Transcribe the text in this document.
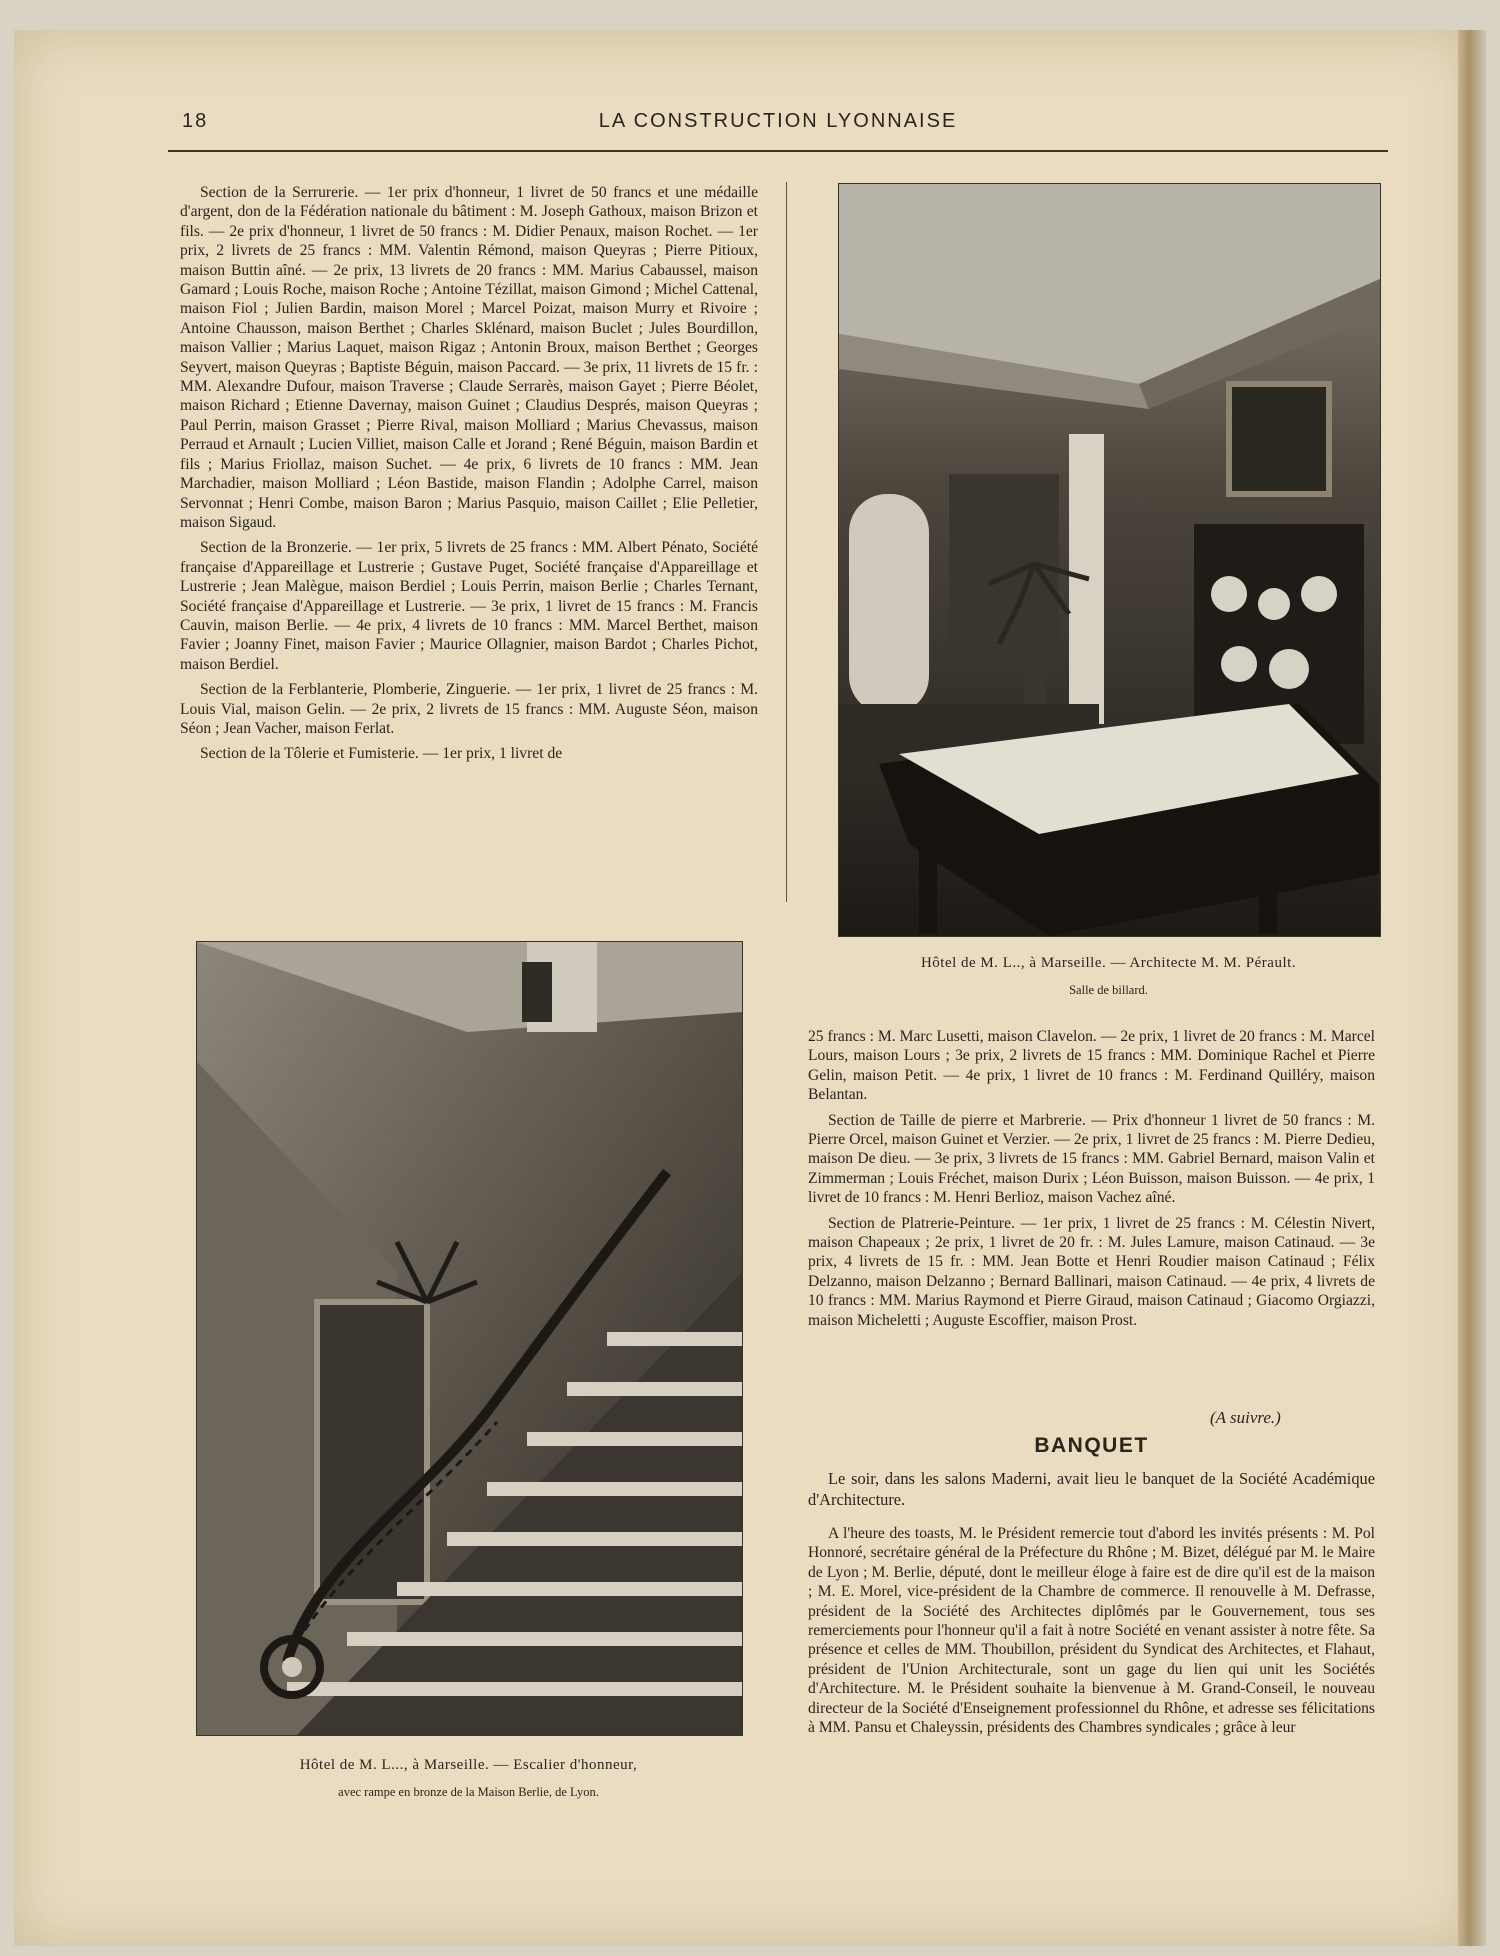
18	LA CONSTRUCTION LYONNAISE

Section de la Serrurerie. — 1er prix d'honneur, 1 livret de 50 francs et une médaille d'argent, don de la Fédération nationale du bâtiment : M. Joseph Gathoux, maison Brizon et fils. — 2e prix d'honneur, 1 livret de 50 francs : M. Didier Penaux, maison Rochet. — 1er prix, 2 livrets de 25 francs : MM. Valentin Rémond, maison Queyras ; Pierre Pitioux, maison Buttin aîné. — 2e prix, 13 livrets de 20 francs : MM. Marius Cabaussel, maison Gamard ; Louis Roche, maison Roche ; Antoine Tézillat, maison Gimond ; Michel Cattenal, maison Fiol ; Julien Bardin, maison Morel ; Marcel Poizat, maison Murry et Rivoire ; Antoine Chausson, maison Berthet ; Charles Sklénard, maison Buclet ; Jules Bourdillon, maison Vallier ; Marius Laquet, maison Rigaz ; Antonin Broux, maison Berthet ; Georges Seyvert, maison Queyras ; Baptiste Béguin, maison Paccard. — 3e prix, 11 livrets de 15 fr. : MM. Alexandre Dufour, maison Traverse ; Claude Serrarès, maison Gayet ; Pierre Béolet, maison Richard ; Etienne Davernay, maison Guinet ; Claudius Després, maison Queyras ; Paul Perrin, maison Grasset ; Pierre Rival, maison Molliard ; Marius Chevassus, maison Perraud et Arnault ; Lucien Villiet, maison Calle et Jorand ; René Béguin, maison Bardin et fils ; Marius Friollaz, maison Suchet. — 4e prix, 6 livrets de 10 francs : MM. Jean Marchadier, maison Molliard ; Léon Bastide, maison Flandin ; Adolphe Carrel, maison Servonnat ; Henri Combe, maison Baron ; Marius Pasquio, maison Caillet ; Elie Pelletier, maison Sigaud.

Section de la Bronzerie. — 1er prix, 5 livrets de 25 francs : MM. Albert Pénato, Société française d'Appareillage et Lustrerie ; Gustave Puget, Société française d'Appareillage et Lustrerie ; Jean Malègue, maison Berdiel ; Louis Perrin, maison Berlie ; Charles Ternant, Société française d'Appareillage et Lustrerie. — 3e prix, 1 livret de 15 francs : M. Francis Cauvin, maison Berlie. — 4e prix, 4 livrets de 10 francs : MM. Marcel Berthet, maison Favier ; Joanny Finet, maison Favier ; Maurice Ollagnier, maison Bardot ; Charles Pichot, maison Berdiel.

Section de la Ferblanterie, Plomberie, Zinguerie. — 1er prix, 1 livret de 25 francs : M. Louis Vial, maison Gelin. — 2e prix, 2 livrets de 15 francs : MM. Auguste Séon, maison Séon ; Jean Vacher, maison Ferlat.

Section de la Tôlerie et Fumisterie. — 1er prix, 1 livret de

Hôtel de M. L.., à Marseille. — Architecte M. M. Pérault.
Salle de billard.
Hôtel de M. L..., à Marseille. — Escalier d'honneur,
avec rampe en bronze de la Maison Berlie, de Lyon.

25 francs : M. Marc Lusetti, maison Clavelon. — 2e prix, 1 livret de 20 francs : M. Marcel Lours, maison Lours ; 3e prix, 2 livrets de 15 francs : MM. Dominique Rachel et Pierre Gelin, maison Petit. — 4e prix, 1 livret de 10 francs : M. Ferdinand Quilléry, maison Belantan.

Section de Taille de pierre et Marbrerie. — Prix d'honneur 1 livret de 50 francs : M. Pierre Orcel, maison Guinet et Verzier. — 2e prix, 1 livret de 25 francs : M. Pierre Dedieu, maison De dieu. — 3e prix, 3 livrets de 15 francs : MM. Gabriel Bernard, maison Valin et Zimmerman ; Louis Fréchet, maison Durix ; Léon Buisson, maison Buisson. — 4e prix, 1 livret de 10 francs : M. Henri Berlioz, maison Vachez aîné.

Section de Platrerie-Peinture. — 1er prix, 1 livret de 25 francs : M. Célestin Nivert, maison Chapeaux ; 2e prix, 1 livret de 20 fr. : M. Jules Lamure, maison Catinaud. — 3e prix, 4 livrets de 15 fr. : MM. Jean Botte et Henri Roudier maison Catinaud ; Félix Delzanno, maison Delzanno ; Bernard Ballinari, maison Catinaud. — 4e prix, 4 livrets de 10 francs : MM. Marius Raymond et Pierre Giraud, maison Catinaud ; Giacomo Orgiazzi, maison Micheletti ; Auguste Escoffier, maison Prost.

(A suivre.)
BANQUET

Le soir, dans les salons Maderni, avait lieu le banquet de la Société Académique d'Architecture.

A l'heure des toasts, M. le Président remercie tout d'abord les invités présents : M. Pol Honnoré, secrétaire général de la Préfecture du Rhône ; M. Bizet, délégué par M. le Maire de Lyon ; M. Berlie, député, dont le meilleur éloge à faire est de dire qu'il est de la maison ; M. E. Morel, vice-président de la Chambre de commerce. Il renouvelle à M. Defrasse, président de la Société des Architectes diplômés par le Gouvernement, tous ses remerciements pour l'honneur qu'il a fait à notre Société en venant assister à notre fête. Sa présence et celles de MM. Thoubillon, président du Syndicat des Architectes, et Flahaut, président de l'Union Architecturale, sont un gage du lien qui unit les Sociétés d'Architecture. M. le Président souhaite la bienvenue à M. Grand-Conseil, le nouveau directeur de la Société d'Enseignement professionnel du Rhône, et adresse ses félicitations à MM. Pansu et Chaleyssin, présidents des Chambres syndicales ; grâce à leur
